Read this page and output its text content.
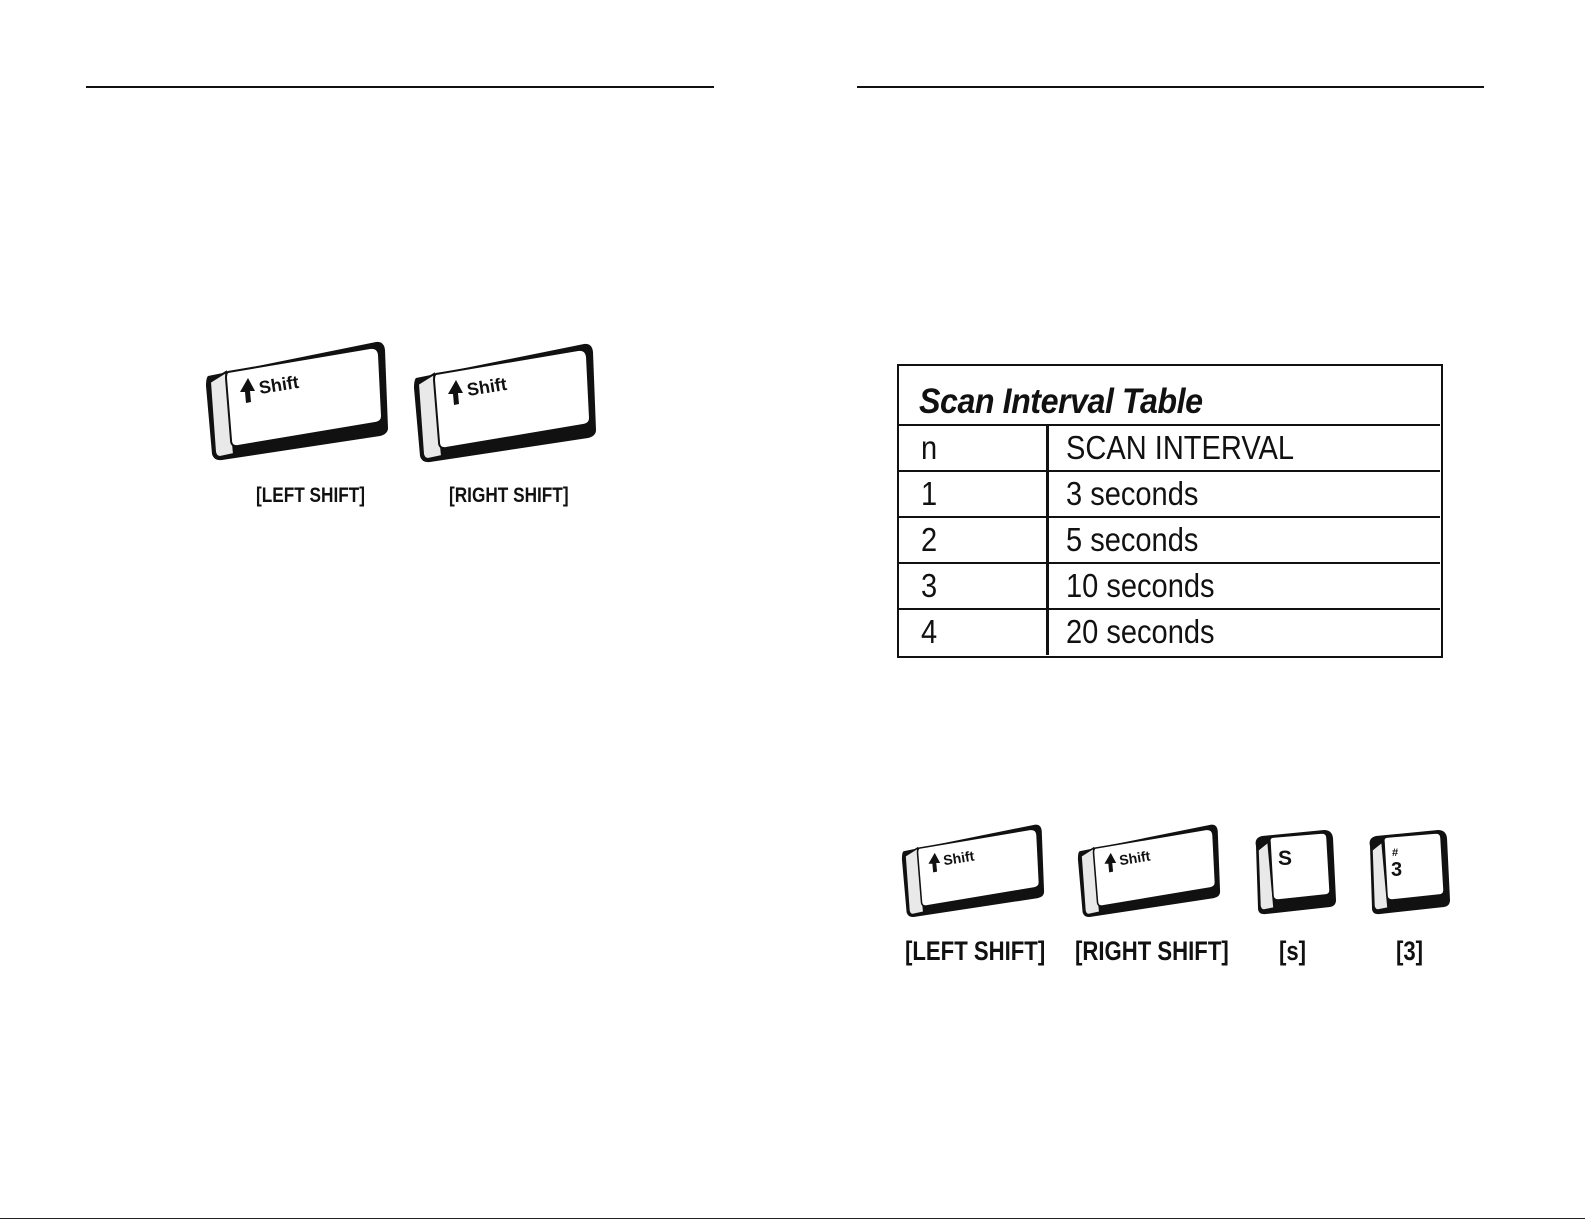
Shift
[LEFT SHIFT]
Shift
[RIGHT SHIFT]
Scan Interval Table
n	SCAN INTERVAL
1	3 seconds
2	5 seconds
3	10 seconds
4	20 seconds
Shift
[LEFT SHIFT]
Shift
[RIGHT SHIFT]
S
[s]
#
3
[3]
